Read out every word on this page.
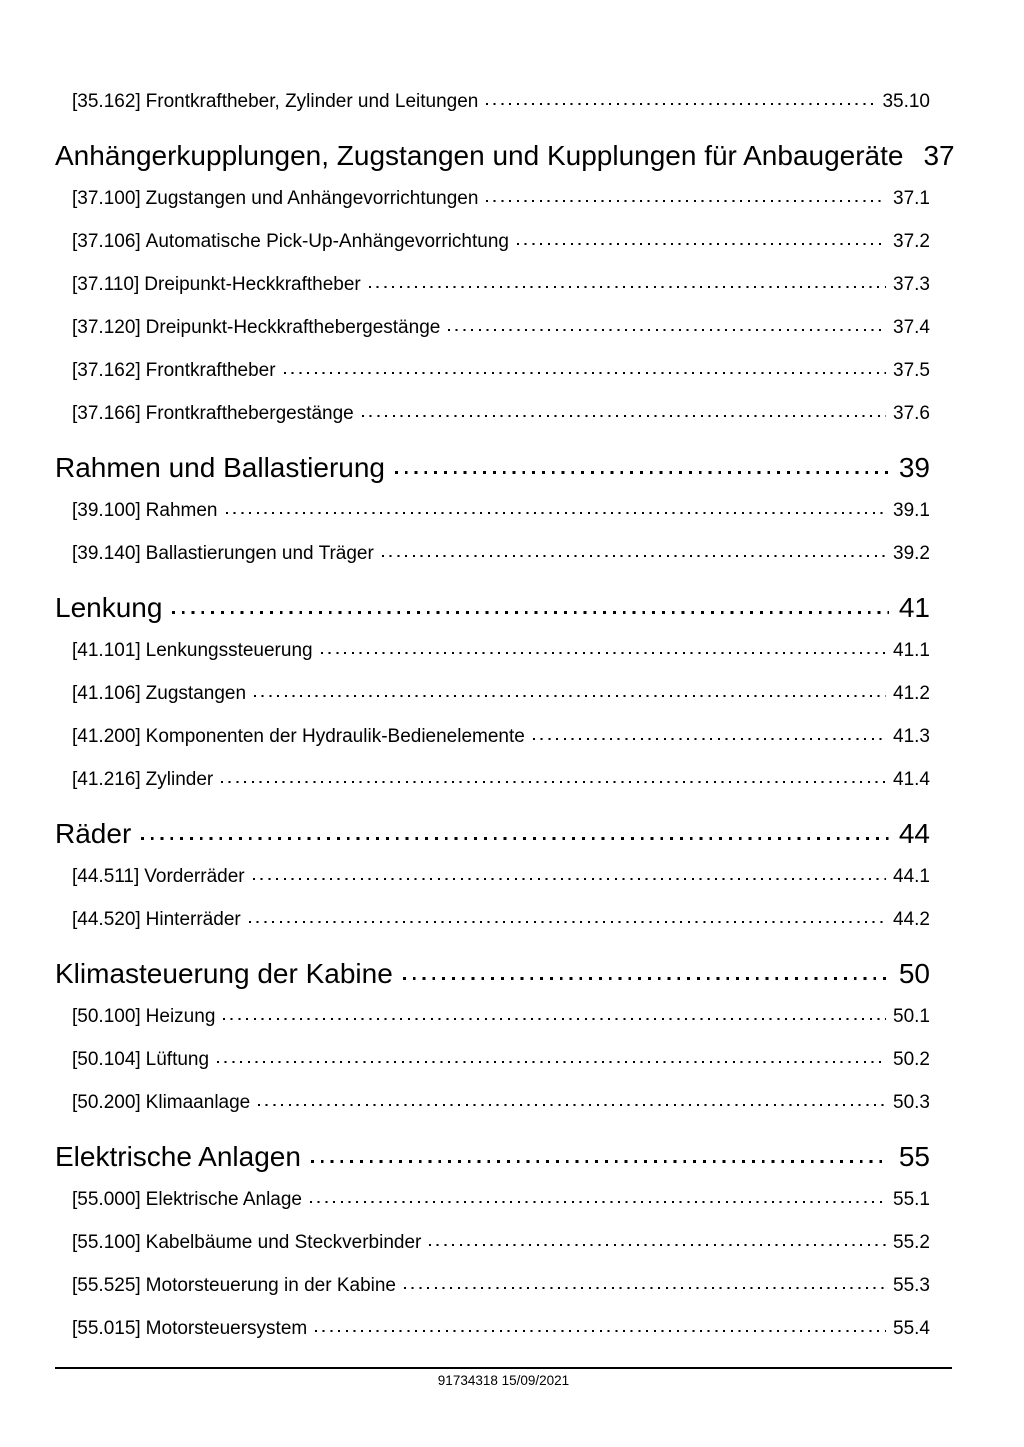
[35.162] Frontkraftheber, Zylinder und Leitungen	35.10
Anhängerkupplungen, Zugstangen und Kupplungen für Anbaugeräte 37
[37.100] Zugstangen und Anhängevorrichtungen	37.1
[37.106] Automatische Pick-Up-Anhängevorrichtung	37.2
[37.110] Dreipunkt-Heckkraftheber	37.3
[37.120] Dreipunkt-Heckkrafthebergestänge	37.4
[37.162] Frontkraftheber	37.5
[37.166] Frontkrafthebergestänge	37.6
Rahmen und Ballastierung	39
[39.100] Rahmen	39.1
[39.140] Ballastierungen und Träger	39.2
Lenkung	41
[41.101] Lenkungssteuerung	41.1
[41.106] Zugstangen	41.2
[41.200] Komponenten der Hydraulik-Bedienelemente	41.3
[41.216] Zylinder	41.4
Räder	44
[44.511] Vorderräder	44.1
[44.520] Hinterräder	44.2
Klimasteuerung der Kabine	50
[50.100] Heizung	50.1
[50.104] Lüftung	50.2
[50.200] Klimaanlage	50.3
Elektrische Anlagen	55
[55.000] Elektrische Anlage	55.1
[55.100] Kabelbäume und Steckverbinder	55.2
[55.525] Motorsteuerung in der Kabine	55.3
[55.015] Motorsteuersystem	55.4
91734318 15/09/2021
